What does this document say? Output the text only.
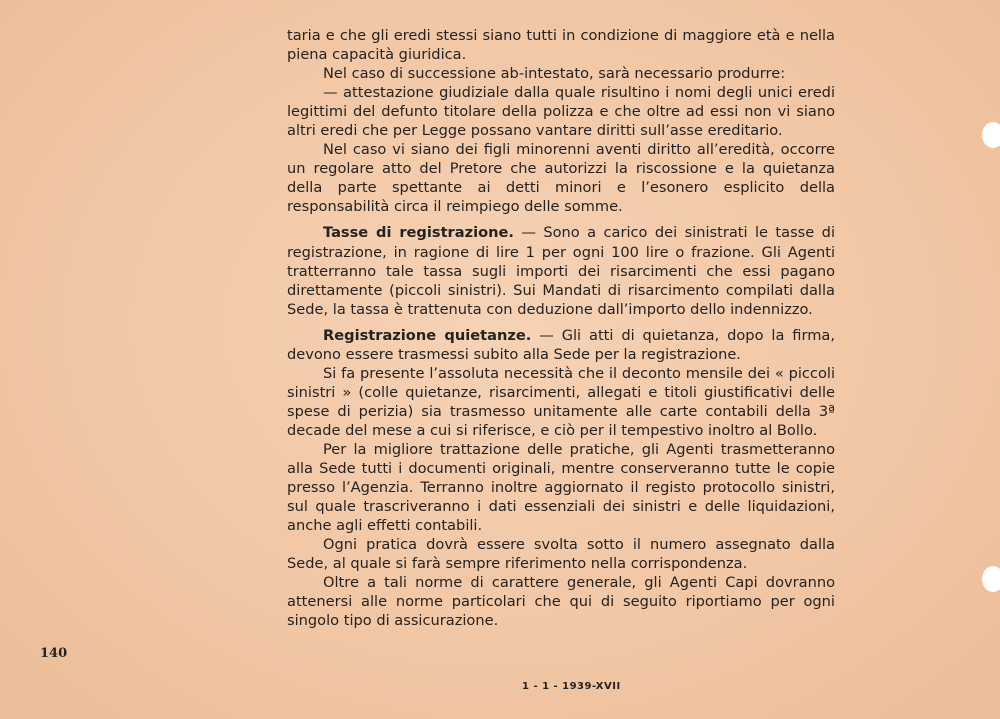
taria e che gli eredi stessi siano tutti in condizione di maggiore età e nella piena capacità giuridica.

Nel caso di successione ab-intestato, sarà necessario produrre:

— attestazione giudiziale dalla quale risultino i nomi degli unici eredi legittimi del defunto titolare della polizza e che oltre ad essi non vi siano altri eredi che per Legge possano vantare diritti sull’asse ereditario.

Nel caso vi siano dei figli minorenni aventi diritto all’eredità, occorre un regolare atto del Pretore che autorizzi la riscossione e la quietanza della parte spettante ai detti minori e l’esonero esplicito della responsabilità circa il reimpiego delle somme.

Tasse di registrazione. — Sono a carico dei sinistrati le tasse di registrazione, in ragione di lire 1 per ogni 100 lire o frazione. Gli Agenti tratterranno tale tassa sugli importi dei risarcimenti che essi pagano direttamente (piccoli sinistri). Sui Mandati di risarcimento compilati dalla Sede, la tassa è trattenuta con deduzione dall’importo dello indennizzo.

Registrazione quietanze. — Gli atti di quietanza, dopo la firma, devono essere trasmessi subito alla Sede per la registrazione.

Si fa presente l’assoluta necessità che il deconto mensile dei « piccoli sinistri » (colle quietanze, risarcimenti, allegati e titoli giustificativi delle spese di perizia) sia trasmesso unitamente alle carte contabili della 3ª decade del mese a cui si riferisce, e ciò per il tempestivo inoltro al Bollo.

Per la migliore trattazione delle pratiche, gli Agenti trasmetteranno alla Sede tutti i documenti originali, mentre conserveranno tutte le copie presso l’Agenzia. Terranno inoltre aggiornato il registo protocollo sinistri, sul quale trascriveranno i dati essenziali dei sinistri e delle liquidazioni, anche agli effetti contabili.

Ogni pratica dovrà essere svolta sotto il numero assegnato dalla Sede, al quale si farà sempre riferimento nella corrispondenza.

Oltre a tali norme di carattere generale, gli Agenti Capi dovranno attenersi alle norme particolari che qui di seguito riportiamo per ogni singolo tipo di assicurazione.

140
1 - 1 - 1939-XVII
